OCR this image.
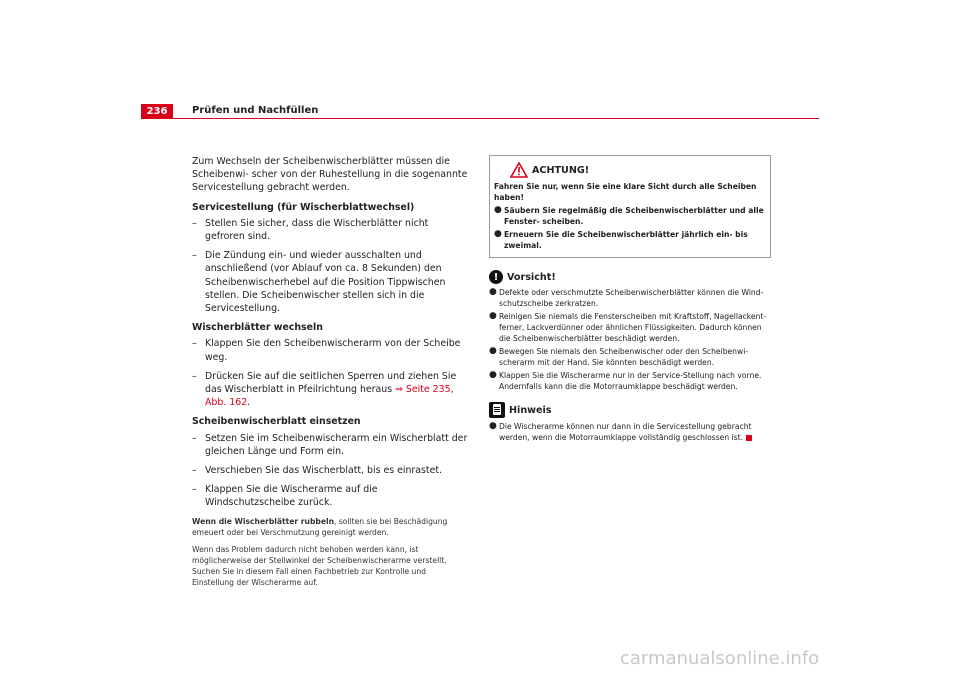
236	Prüfen und Nachfüllen

Zum Wechseln der Scheibenwischerblätter müssen die Scheibenwi- scher von der Ruhestellung in die sogenannte Servicestellung gebracht werden.

Servicestellung (für Wischerblattwechsel)
– Stellen Sie sicher, dass die Wischerblätter nicht gefroren sind.
– Die Zündung ein- und wieder ausschalten und anschließend (vor Ablauf von ca. 8 Sekunden) den Scheibenwischerhebel auf die Position Tippwischen stellen. Die Scheibenwischer stellen sich in die Servicestellung.
Wischerblätter wechseln
– Klappen Sie den Scheibenwischerarm von der Scheibe weg.
– Drücken Sie auf die seitlichen Sperren und ziehen Sie das Wischerblatt in Pfeilrichtung heraus ⇒ Seite 235, Abb. 162.
Scheibenwischerblatt einsetzen
– Setzen Sie im Scheibenwischerarm ein Wischerblatt der gleichen Länge und Form ein.
– Verschieben Sie das Wischerblatt, bis es einrastet.
– Klappen Sie die Wischerarme auf die Windschutzscheibe zurück.

Wenn die Wischerblätter rubbeln, sollten sie bei Beschädigung emeuert oder bei Verschmutzung gereinigt werden.

Wenn das Problem dadurch nicht behoben werden kann, ist möglicherweise der Stellwinkel der Scheibenwischerarme verstellt. Suchen Sie in diesem Fall einen Fachbetrieb zur Kontrolle und Einstellung der Wischerarme auf.

ACHTUNG!
Fahren Sie nur, wenn Sie eine klare Sicht durch alle Scheiben haben!
● Säubern Sie regelmäßig die Scheibenwischerblätter und alle Fenster- scheiben.
● Erneuern Sie die Scheibenwischerblätter jährlich ein- bis zweimal.
! Vorsicht!
● Defekte oder verschmutzte Scheibenwischerblätter können die Wind- schutzscheibe zerkratzen.
● Reinigen Sie niemals die Fensterscheiben mit Kraftstoff, Nagellackent- ferner, Lackverdünner oder ähnlichen Flüssigkeiten. Dadurch können die Scheibenwischerblätter beschädigt werden.
● Bewegen Sie niemals den Scheibenwischer oder den Scheibenwi- scherarm mit der Hand. Sie könnten beschädigt werden.
● Klappen Sie die Wischerarme nur in der Service-Stellung nach vorne. Andernfalls kann die die Motorraumklappe beschädigt werden.
Hinweis
● Die Wischerarme können nur dann in die Servicestellung gebracht werden, wenn die Motorraumklappe vollständig geschlossen ist.
carmanualsonline.info
